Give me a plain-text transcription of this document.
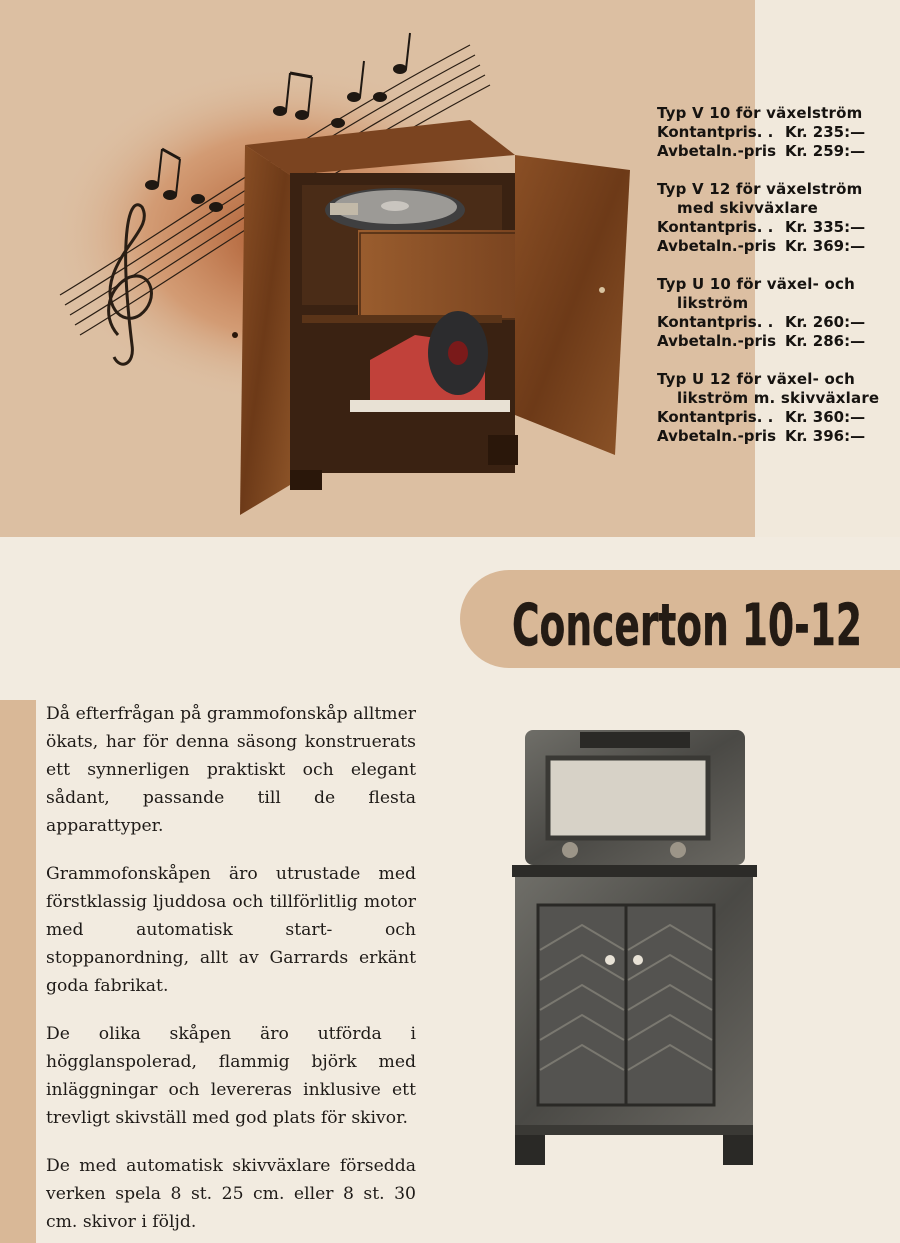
Typ V 10 för växelström
Kontantpris. . Kr. 235:—
Avbetaln.-pris Kr. 259:—
Typ V 12 för växelström
med skivväxlare
Kontantpris. . Kr. 335:—
Avbetaln.-pris Kr. 369:—
Typ U 10 för växel- och
likström
Kontantpris. . Kr. 260:—
Avbetaln.-pris Kr. 286:—
Typ U 12 för växel- och
likström m. skivväxlare
Kontantpris. . Kr. 360:—
Avbetaln.-pris Kr. 396:—
Concerton 10-12

Då efterfrågan på grammofonskåp alltmer ökats, har för denna säsong konstruerats ett synnerligen praktiskt och elegant sådant, passande till de flesta apparattyper.

Grammofonskåpen äro utrustade med förstklassig ljuddosa och tillförlitlig motor med automatisk start- och stoppanordning, allt av Garrards erkänt goda fabrikat.

De olika skåpen äro utförda i högglanspolerad, flammig björk med inläggningar och levereras inklusive ett trevligt skivställ med god plats för skivor.

De med automatisk skivväxlare försedda verken spela 8 st. 25 cm. eller 8 st. 30 cm. skivor i följd.
